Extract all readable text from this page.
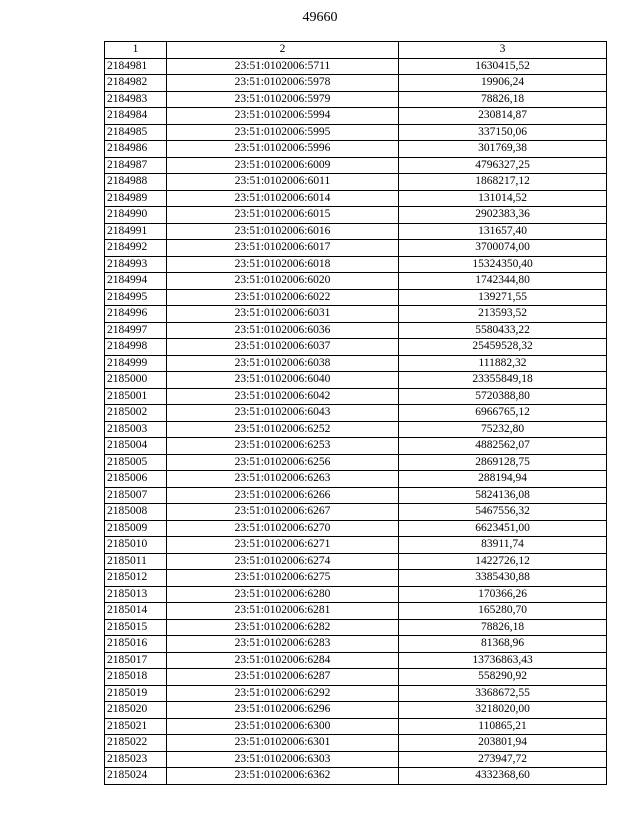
49660
1	2	3
2184981	23:51:0102006:5711	1630415,52
2184982	23:51:0102006:5978	19906,24
2184983	23:51:0102006:5979	78826,18
2184984	23:51:0102006:5994	230814,87
2184985	23:51:0102006:5995	337150,06
2184986	23:51:0102006:5996	301769,38
2184987	23:51:0102006:6009	4796327,25
2184988	23:51:0102006:6011	1868217,12
2184989	23:51:0102006:6014	131014,52
2184990	23:51:0102006:6015	2902383,36
2184991	23:51:0102006:6016	131657,40
2184992	23:51:0102006:6017	3700074,00
2184993	23:51:0102006:6018	15324350,40
2184994	23:51:0102006:6020	1742344,80
2184995	23:51:0102006:6022	139271,55
2184996	23:51:0102006:6031	213593,52
2184997	23:51:0102006:6036	5580433,22
2184998	23:51:0102006:6037	25459528,32
2184999	23:51:0102006:6038	111882,32
2185000	23:51:0102006:6040	23355849,18
2185001	23:51:0102006:6042	5720388,80
2185002	23:51:0102006:6043	6966765,12
2185003	23:51:0102006:6252	75232,80
2185004	23:51:0102006:6253	4882562,07
2185005	23:51:0102006:6256	2869128,75
2185006	23:51:0102006:6263	288194,94
2185007	23:51:0102006:6266	5824136,08
2185008	23:51:0102006:6267	5467556,32
2185009	23:51:0102006:6270	6623451,00
2185010	23:51:0102006:6271	83911,74
2185011	23:51:0102006:6274	1422726,12
2185012	23:51:0102006:6275	3385430,88
2185013	23:51:0102006:6280	170366,26
2185014	23:51:0102006:6281	165280,70
2185015	23:51:0102006:6282	78826,18
2185016	23:51:0102006:6283	81368,96
2185017	23:51:0102006:6284	13736863,43
2185018	23:51:0102006:6287	558290,92
2185019	23:51:0102006:6292	3368672,55
2185020	23:51:0102006:6296	3218020,00
2185021	23:51:0102006:6300	110865,21
2185022	23:51:0102006:6301	203801,94
2185023	23:51:0102006:6303	273947,72
2185024	23:51:0102006:6362	4332368,60
